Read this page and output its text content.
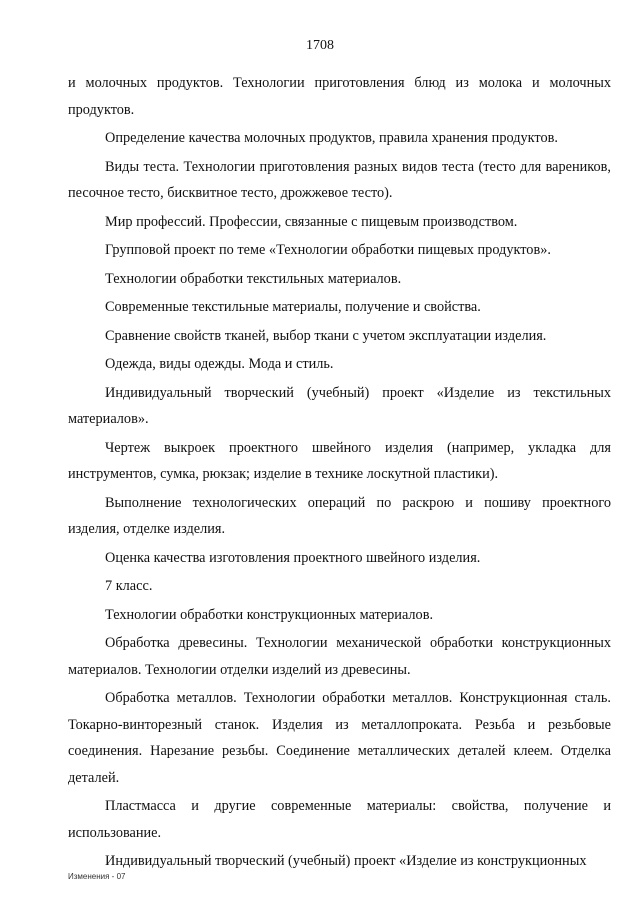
1708

и молочных продуктов. Технологии приготовления блюд из молока и молочных продуктов.

Определение качества молочных продуктов, правила хранения продуктов.

Виды теста. Технологии приготовления разных видов теста (тесто для вареников, песочное тесто, бисквитное тесто, дрожжевое тесто).

Мир профессий. Профессии, связанные с пищевым производством.

Групповой проект по теме «Технологии обработки пищевых продуктов».

Технологии обработки текстильных материалов.

Современные текстильные материалы, получение и свойства.

Сравнение свойств тканей, выбор ткани с учетом эксплуатации изделия.

Одежда, виды одежды. Мода и стиль.

Индивидуальный творческий (учебный) проект «Изделие из текстильных материалов».

Чертеж выкроек проектного швейного изделия (например, укладка для инструментов, сумка, рюкзак; изделие в технике лоскутной пластики).

Выполнение технологических операций по раскрою и пошиву проектного изделия, отделке изделия.

Оценка качества изготовления проектного швейного изделия.

7 класс.

Технологии обработки конструкционных материалов.

Обработка древесины. Технологии механической обработки конструкционных материалов. Технологии отделки изделий из древесины.

Обработка металлов. Технологии обработки металлов. Конструкционная сталь. Токарно-винторезный станок. Изделия из металлопроката. Резьба и резьбовые соединения. Нарезание резьбы. Соединение металлических деталей клеем. Отделка деталей.

Пластмасса и другие современные материалы: свойства, получение и использование.

Индивидуальный творческий (учебный) проект «Изделие из конструкционных

Изменения - 07
